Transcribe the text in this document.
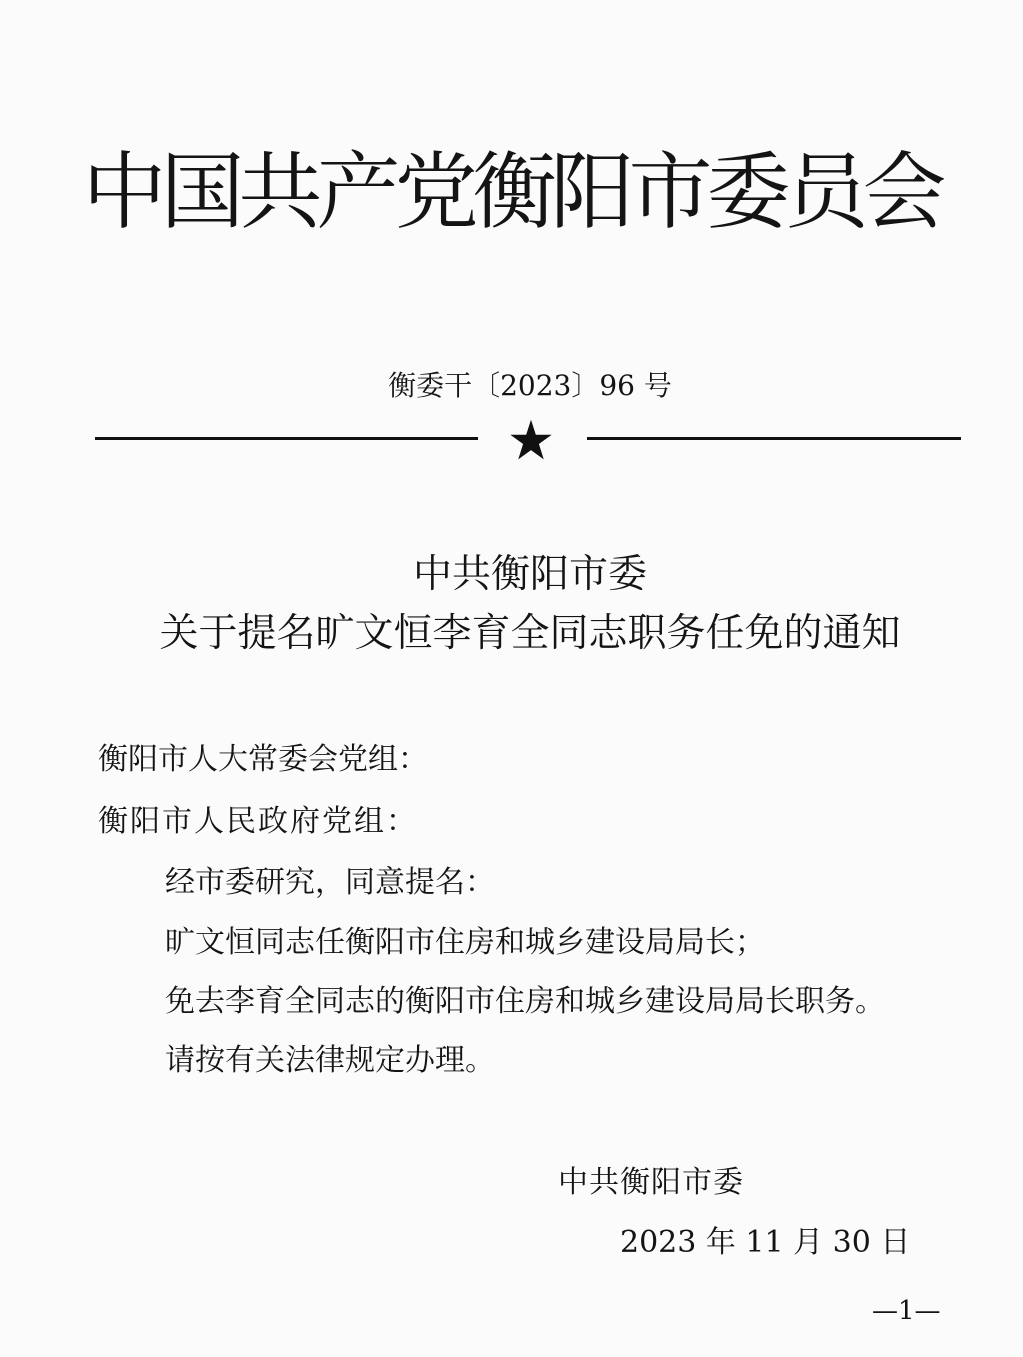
中国共产党衡阳市委员会
衡委干〔2023〕96 号
中共衡阳市委
关于提名旷文恒李育全同志职务任免的通知
衡阳市人大常委会党组：
衡阳市人民政府党组：
经市委研究，同意提名：
旷文恒同志任衡阳市住房和城乡建设局局长；
免去李育全同志的衡阳市住房和城乡建设局局长职务。
请按有关法律规定办理。
中共衡阳市委
2023 年 11 月 30 日
—1—
